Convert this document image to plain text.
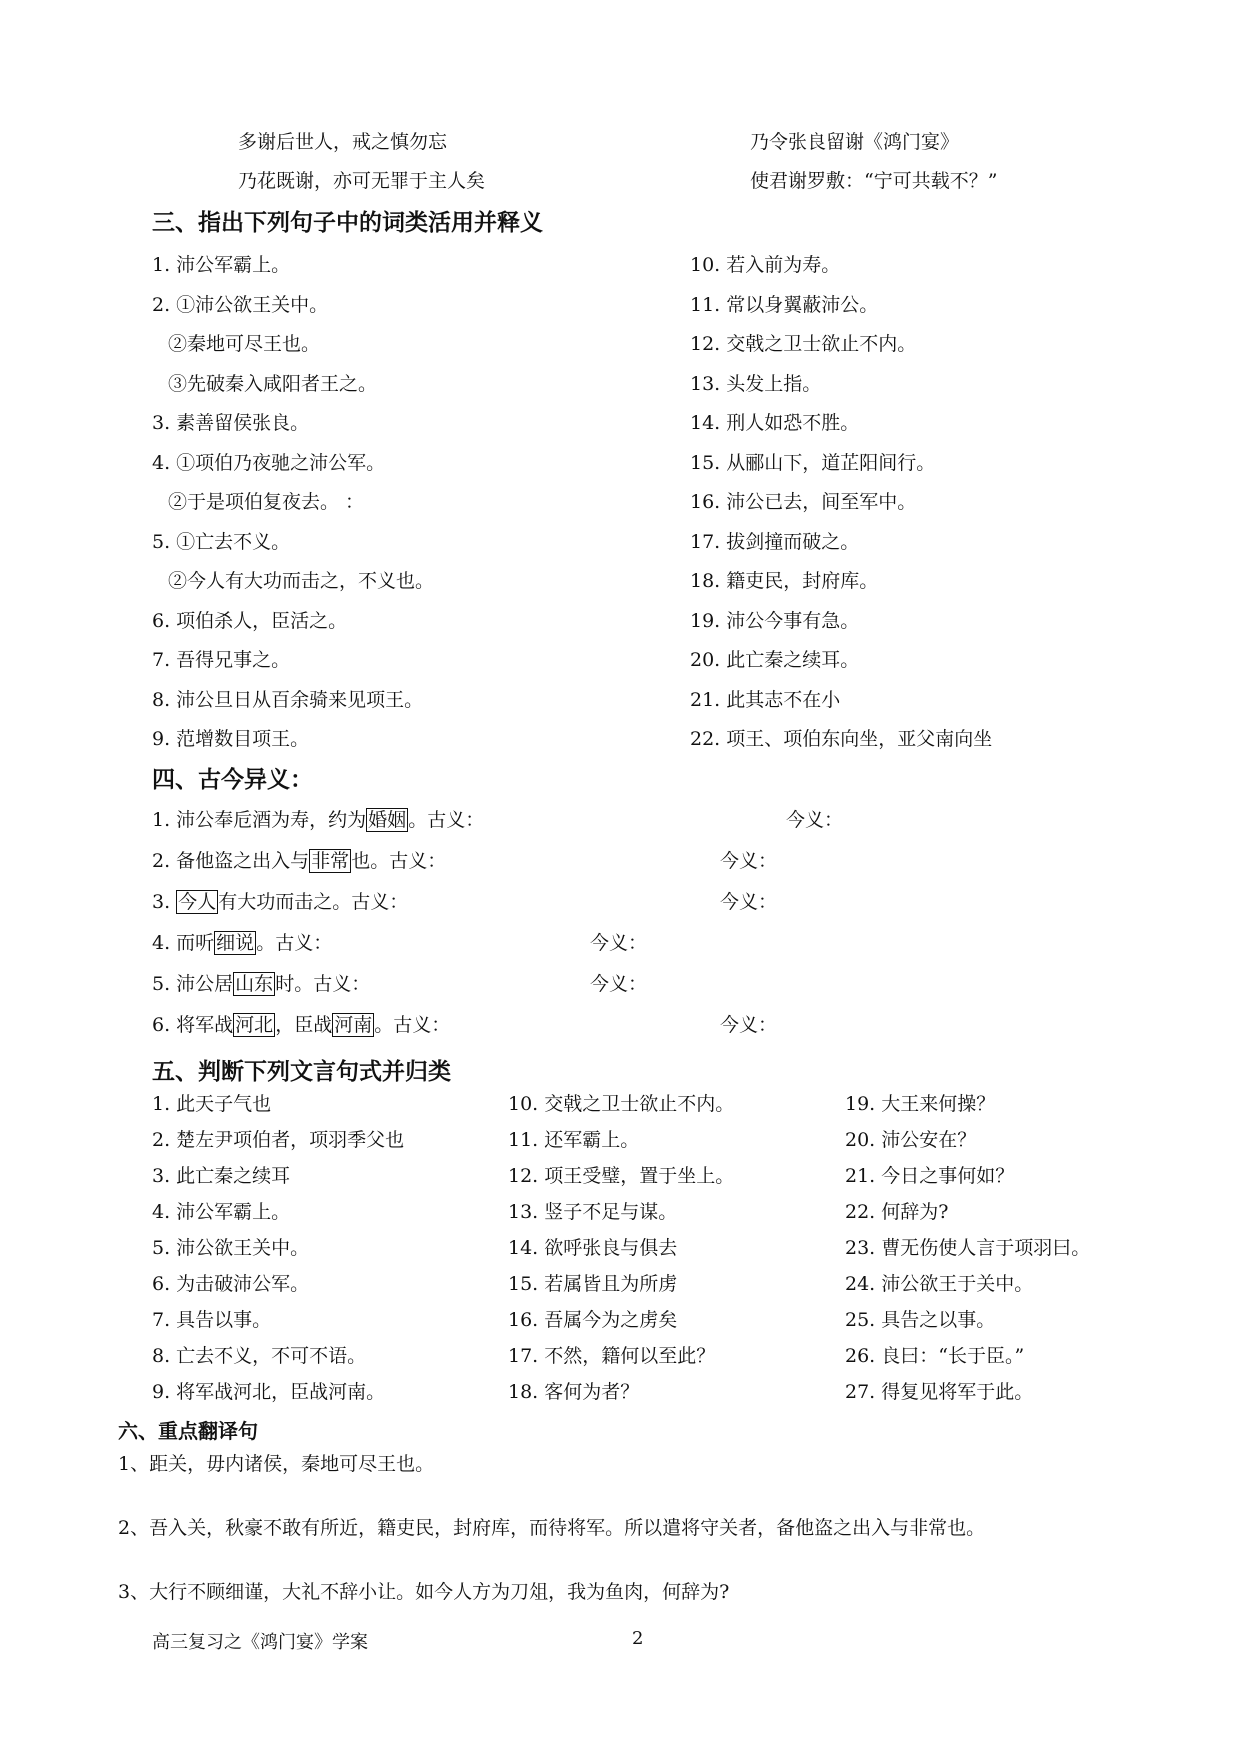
多谢后世人，戒之慎勿忘	乃令张良留谢《鸿门宴》
乃花既谢，亦可无罪于主人矣	使君谢罗敷：“宁可共载不？”
三、指出下列句子中的词类活用并释义
1. 沛公军霸上。
2. ①沛公欲王关中。
②秦地可尽王也。
③先破秦入咸阳者王之。
3. 素善留侯张良。
4. ①项伯乃夜驰之沛公军。
②于是项伯复夜去。 ：
5. ①亡去不义。
②今人有大功而击之，不义也。
6. 项伯杀人，臣活之。
7. 吾得兄事之。
8. 沛公旦日从百余骑来见项王。
9. 范增数目项王。
10. 若入前为寿。
11. 常以身翼蔽沛公。
12. 交戟之卫士欲止不内。
13. 头发上指。
14. 刑人如恐不胜。
15. 从郦山下，道芷阳间行。
16. 沛公已去，间至军中。
17. 拔剑撞而破之。
18. 籍吏民，封府库。
19. 沛公今事有急。
20. 此亡秦之续耳。
21. 此其志不在小
22. 项王、项伯东向坐，亚父南向坐
四、古今异义：
1. 沛公奉卮酒为寿，约为 婚姻 。古义：	今义：
2. 备他盗之出入与 非常 也。古义：	今义：
3. 今人 有大功而击之。古义：	今义：
4. 而听 细说 。古义：	今义：
5. 沛公居 山东 时。古义：	今义：
6. 将军战 河北 ，臣战 河南 。古义：	今义：
五、判断下列文言句式并归类
1. 此天子气也
2. 楚左尹项伯者，项羽季父也
3. 此亡秦之续耳
4. 沛公军霸上。
5. 沛公欲王关中。
6. 为击破沛公军。
7. 具告以事。
8. 亡去不义，不可不语。
9. 将军战河北，臣战河南。
10. 交戟之卫士欲止不内。
11. 还军霸上。
12. 项王受璧，置于坐上。
13. 竖子不足与谋。
14. 欲呼张良与俱去
15. 若属皆且为所虏
16. 吾属今为之虏矣
17. 不然，籍何以至此？
18. 客何为者？
19. 大王来何操？
20. 沛公安在？
21. 今日之事何如？
22. 何辞为?
23. 曹无伤使人言于项羽曰。
24. 沛公欲王于关中。
25. 具告之以事。
26. 良曰：“长于臣。”
27. 得复见将军于此。
六、重点翻译句
1、距关，毋内诸侯，秦地可尽王也。
2、吾入关，秋豪不敢有所近，籍吏民，封府库，而待将军。所以遣将守关者，备他盗之出入与非常也。
3、大行不顾细谨，大礼不辞小让。如今人方为刀俎，我为鱼肉，何辞为?
高三复习之《鸿门宴》学案	2
